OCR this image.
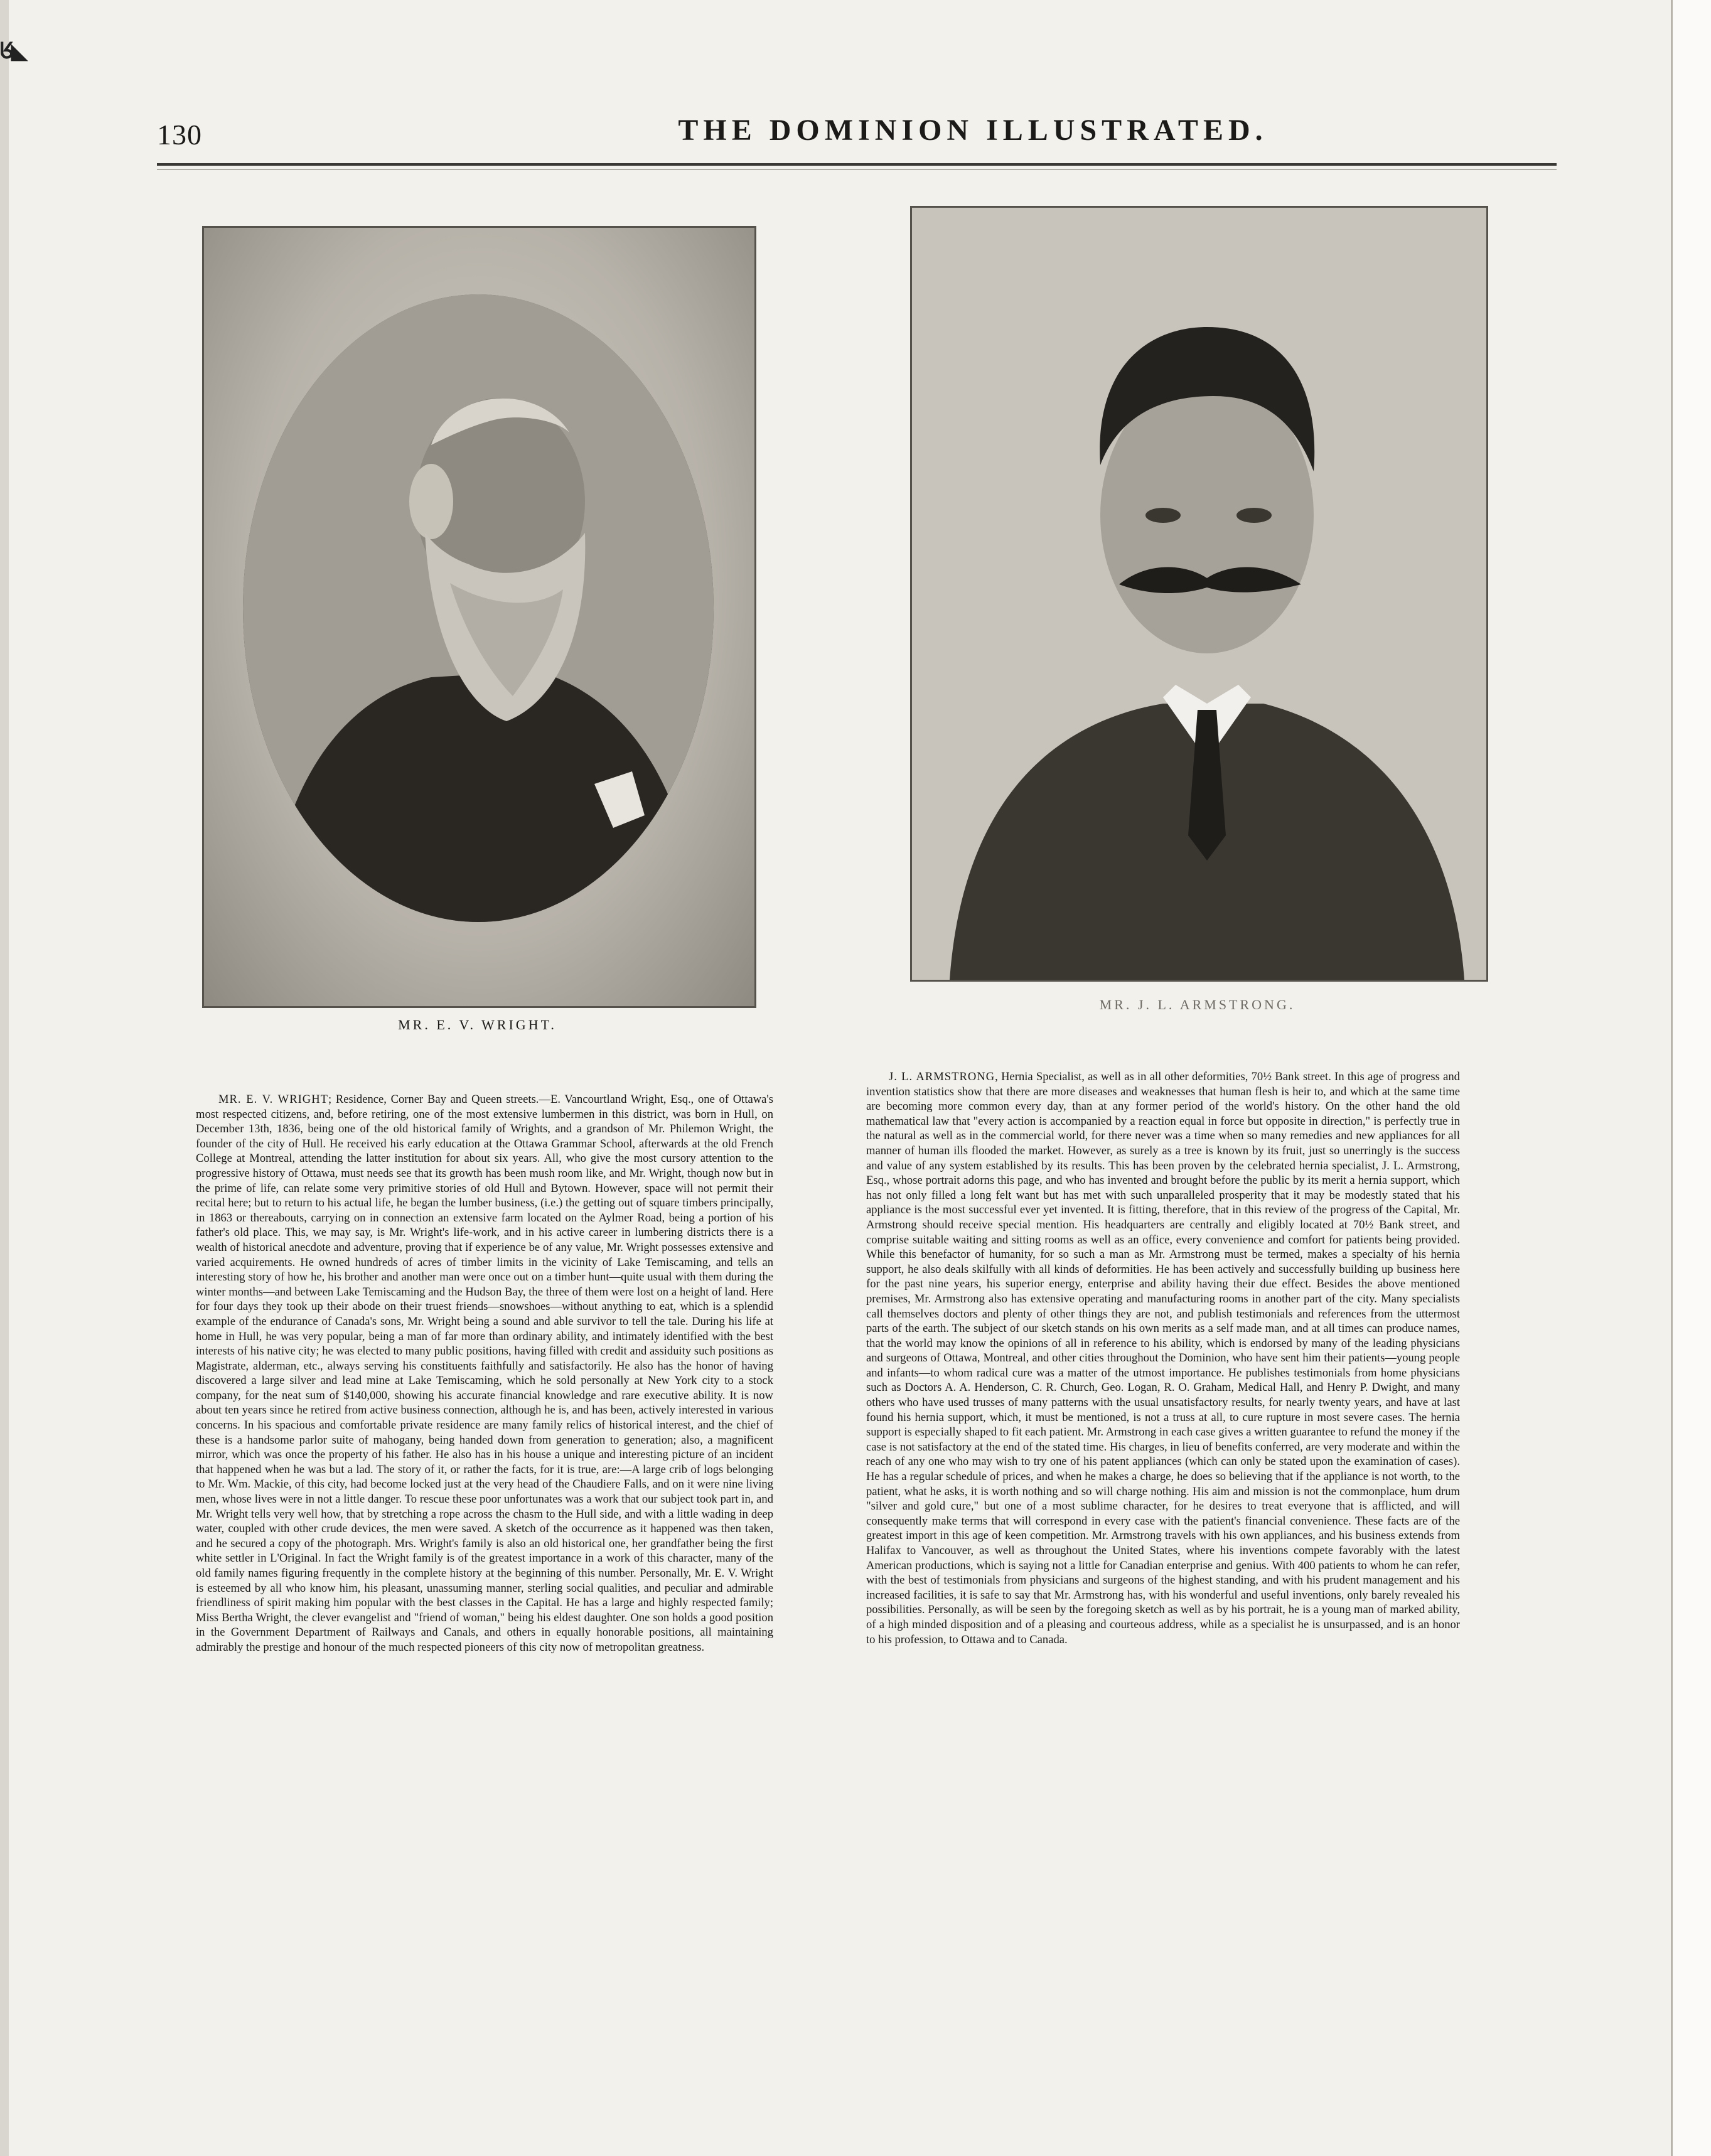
ᖉ◣
130	THE DOMINION ILLUSTRATED.
MR. E. V. WRIGHT.
MR. J. L. ARMSTRONG.

MR. E. V. WRIGHT; Residence, Corner Bay and Queen streets.—E. Vancourtland Wright, Esq., one of Ottawa's most respected citizens, and, before retiring, one of the most extensive lumbermen in this district, was born in Hull, on December 13th, 1836, being one of the old historical family of Wrights, and a grandson of Mr. Philemon Wright, the founder of the city of Hull. He received his early education at the Ottawa Grammar School, afterwards at the old French College at Montreal, attending the latter institution for about six years. All, who give the most cursory attention to the progressive history of Ottawa, must needs see that its growth has been mush room like, and Mr. Wright, though now but in the prime of life, can relate some very primitive stories of old Hull and Bytown. However, space will not permit their recital here; but to return to his actual life, he began the lumber business, (i.e.) the getting out of square timbers principally, in 1863 or thereabouts, carrying on in connection an extensive farm located on the Aylmer Road, being a portion of his father's old place. This, we may say, is Mr. Wright's life-work, and in his active career in lumbering districts there is a wealth of historical anecdote and adventure, proving that if experience be of any value, Mr. Wright possesses extensive and varied acquirements. He owned hundreds of acres of timber limits in the vicinity of Lake Temiscaming, and tells an interesting story of how he, his brother and another man were once out on a timber hunt—quite usual with them during the winter months—and between Lake Temiscaming and the Hudson Bay, the three of them were lost on a height of land. Here for four days they took up their abode on their truest friends—snowshoes—without anything to eat, which is a splendid example of the endurance of Canada's sons, Mr. Wright being a sound and able survivor to tell the tale. During his life at home in Hull, he was very popular, being a man of far more than ordinary ability, and intimately identified with the best interests of his native city; he was elected to many public positions, having filled with credit and assiduity such positions as Magistrate, alderman, etc., always serving his constituents faithfully and satisfactorily. He also has the honor of having discovered a large silver and lead mine at Lake Temiscaming, which he sold personally at New York city to a stock company, for the neat sum of $140,000, showing his accurate financial knowledge and rare executive ability. It is now about ten years since he retired from active business connection, although he is, and has been, actively interested in various concerns. In his spacious and comfortable private residence are many family relics of historical interest, and the chief of these is a handsome parlor suite of mahogany, being handed down from generation to generation; also, a magnificent mirror, which was once the property of his father. He also has in his house a unique and interesting picture of an incident that happened when he was but a lad. The story of it, or rather the facts, for it is true, are:—A large crib of logs belonging to Mr. Wm. Mackie, of this city, had become locked just at the very head of the Chaudiere Falls, and on it were nine living men, whose lives were in not a little danger. To rescue these poor unfortunates was a work that our subject took part in, and Mr. Wright tells very well how, that by stretching a rope across the chasm to the Hull side, and with a little wading in deep water, coupled with other crude devices, the men were saved. A sketch of the occurrence as it happened was then taken, and he secured a copy of the photograph. Mrs. Wright's family is also an old historical one, her grandfather being the first white settler in L'Original. In fact the Wright family is of the greatest importance in a work of this character, many of the old family names figuring frequently in the complete history at the beginning of this number. Personally, Mr. E. V. Wright is esteemed by all who know him, his pleasant, unassuming manner, sterling social qualities, and peculiar and admirable friendliness of spirit making him popular with the best classes in the Capital. He has a large and highly respected family; Miss Bertha Wright, the clever evangelist and "friend of woman," being his eldest daughter. One son holds a good position in the Government Department of Railways and Canals, and others in equally honorable positions, all maintaining admirably the prestige and honour of the much respected pioneers of this city now of metropolitan greatness.

J. L. ARMSTRONG, Hernia Specialist, as well as in all other deformities, 70½ Bank street. In this age of progress and invention statistics show that there are more diseases and weaknesses that human flesh is heir to, and which at the same time are becoming more common every day, than at any former period of the world's history. On the other hand the old mathematical law that "every action is accompanied by a reaction equal in force but opposite in direction," is perfectly true in the natural as well as in the commercial world, for there never was a time when so many remedies and new appliances for all manner of human ills flooded the market. However, as surely as a tree is known by its fruit, just so unerringly is the success and value of any system established by its results. This has been proven by the celebrated hernia specialist, J. L. Armstrong, Esq., whose portrait adorns this page, and who has invented and brought before the public by its merit a hernia support, which has not only filled a long felt want but has met with such unparalleled prosperity that it may be modestly stated that his appliance is the most successful ever yet invented. It is fitting, therefore, that in this review of the progress of the Capital, Mr. Armstrong should receive special mention. His headquarters are centrally and eligibly located at 70½ Bank street, and comprise suitable waiting and sitting rooms as well as an office, every convenience and comfort for patients being provided. While this benefactor of humanity, for so such a man as Mr. Armstrong must be termed, makes a specialty of his hernia support, he also deals skilfully with all kinds of deformities. He has been actively and successfully building up business here for the past nine years, his superior energy, enterprise and ability having their due effect. Besides the above mentioned premises, Mr. Armstrong also has extensive operating and manufacturing rooms in another part of the city. Many specialists call themselves doctors and plenty of other things they are not, and publish testimonials and references from the uttermost parts of the earth. The subject of our sketch stands on his own merits as a self made man, and at all times can produce names, that the world may know the opinions of all in reference to his ability, which is endorsed by many of the leading physicians and surgeons of Ottawa, Montreal, and other cities throughout the Dominion, who have sent him their patients—young people and infants—to whom radical cure was a matter of the utmost importance. He publishes testimonials from home physicians such as Doctors A. A. Henderson, C. R. Church, Geo. Logan, R. O. Graham, Medical Hall, and Henry P. Dwight, and many others who have used trusses of many patterns with the usual unsatisfactory results, for nearly twenty years, and have at last found his hernia support, which, it must be mentioned, is not a truss at all, to cure rupture in most severe cases. The hernia support is especially shaped to fit each patient. Mr. Armstrong in each case gives a written guarantee to refund the money if the case is not satisfactory at the end of the stated time. His charges, in lieu of benefits conferred, are very moderate and within the reach of any one who may wish to try one of his patent appliances (which can only be stated upon the examination of cases). He has a regular schedule of prices, and when he makes a charge, he does so believing that if the appliance is not worth, to the patient, what he asks, it is worth nothing and so will charge nothing. His aim and mission is not the commonplace, hum drum "silver and gold cure," but one of a most sublime character, for he desires to treat everyone that is afflicted, and will consequently make terms that will correspond in every case with the patient's financial convenience. These facts are of the greatest import in this age of keen competition. Mr. Armstrong travels with his own appliances, and his business extends from Halifax to Vancouver, as well as throughout the United States, where his inventions compete favorably with the latest American productions, which is saying not a little for Canadian enterprise and genius. With 400 patients to whom he can refer, with the best of testimonials from physicians and surgeons of the highest standing, and with his prudent management and his increased facilities, it is safe to say that Mr. Armstrong has, with his wonderful and useful inventions, only barely revealed his possibilities. Personally, as will be seen by the foregoing sketch as well as by his portrait, he is a young man of marked ability, of a high minded disposition and of a pleasing and courteous address, while as a specialist he is unsurpassed, and is an honor to his profession, to Ottawa and to Canada.
